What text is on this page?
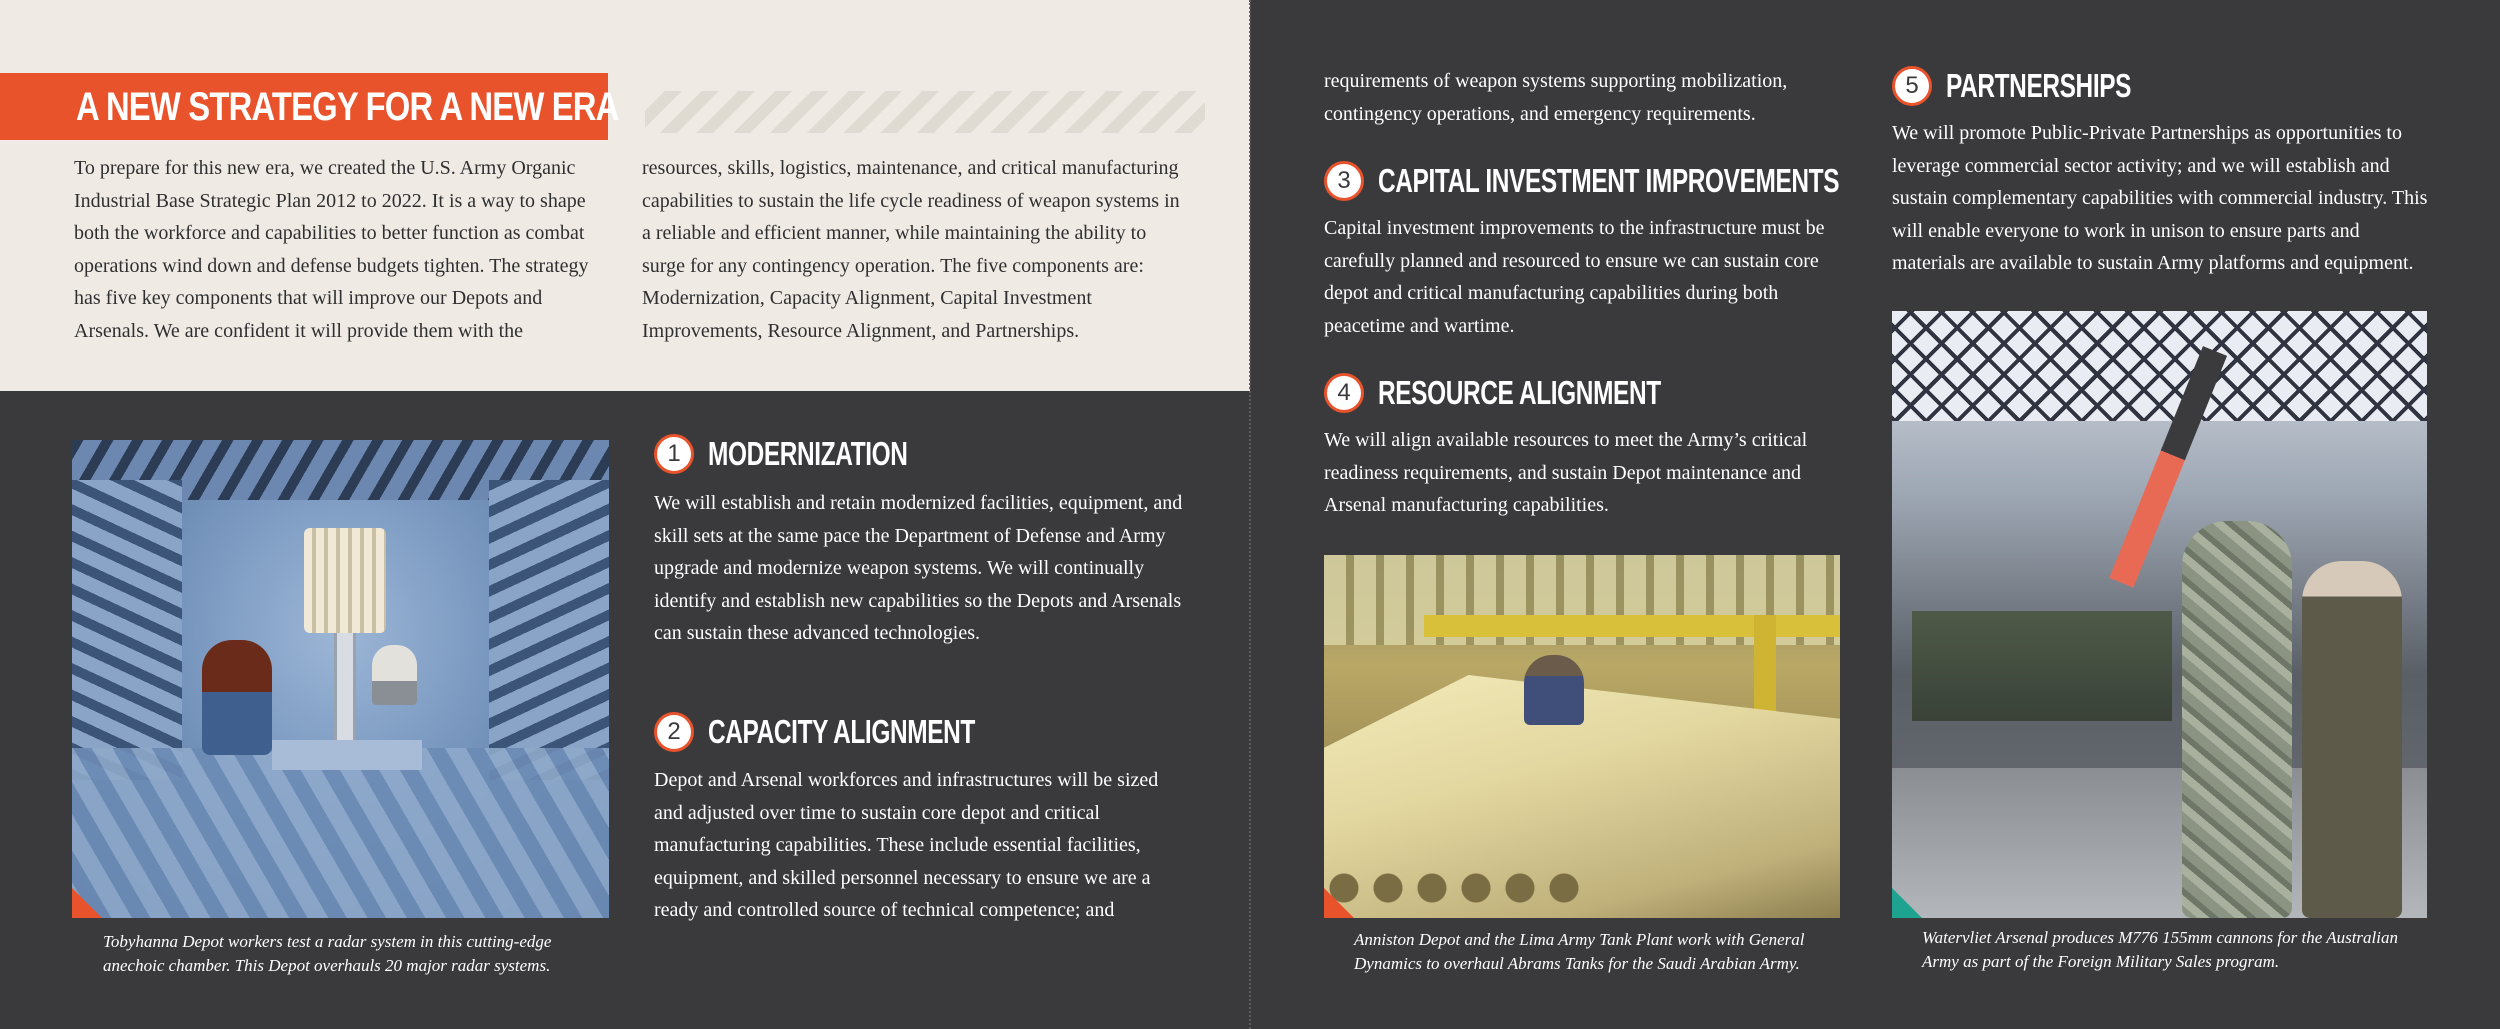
A NEW STRATEGY FOR A NEW ERA

To prepare for this new era, we created the U.S. Army Organic Industrial Base Strategic Plan 2012 to 2022. It is a way to shape both the workforce and capabilities to better function as combat operations wind down and defense budgets tighten. The strategy has five key components that will improve our Depots and Arsenals. We are confident it will provide them with the

resources, skills, logistics, maintenance, and critical manufacturing capabilities to sustain the life cycle readiness of weapon systems in a reliable and efficient manner, while maintaining the ability to surge for any contingency operation. The five components are: Modernization, Capacity Alignment, Capital Investment Improvements, Resource Alignment, and Partnerships.

Tobyhanna Depot workers test a radar system in this cutting-edge anechoic chamber. This Depot overhauls 20 major radar systems.

1 MODERNIZATION

We will establish and retain modernized facilities, equipment, and skill sets at the same pace the Department of Defense and Army upgrade and modernize weapon systems. We will continually identify and establish new capabilities so the Depots and Arsenals can sustain these advanced technologies.

2 CAPACITY ALIGNMENT

Depot and Arsenal workforces and infrastructures will be sized and adjusted over time to sustain core depot and critical manufacturing capabilities. These include essential facilities, equipment, and skilled personnel necessary to ensure we are a ready and controlled source of technical competence; and

requirements of weapon systems supporting mobilization, contingency operations, and emergency requirements.

3 CAPITAL INVESTMENT IMPROVEMENTS

Capital investment improvements to the infrastructure must be carefully planned and resourced to ensure we can sustain core depot and critical manufacturing capabilities during both peacetime and wartime.

4 RESOURCE ALIGNMENT

We will align available resources to meet the Army’s critical readiness requirements, and sustain Depot maintenance and Arsenal manufacturing capabilities.

Anniston Depot and the Lima Army Tank Plant work with General Dynamics to overhaul Abrams Tanks for the Saudi Arabian Army.

5 PARTNERSHIPS

We will promote Public-Private Partnerships as opportunities to leverage commercial sector activity; and we will establish and sustain complementary capabilities with commercial industry. This will enable everyone to work in unison to ensure parts and materials are available to sustain Army platforms and equipment.

Watervliet Arsenal produces M776 155mm cannons for the Australian Army as part of the Foreign Military Sales program.
